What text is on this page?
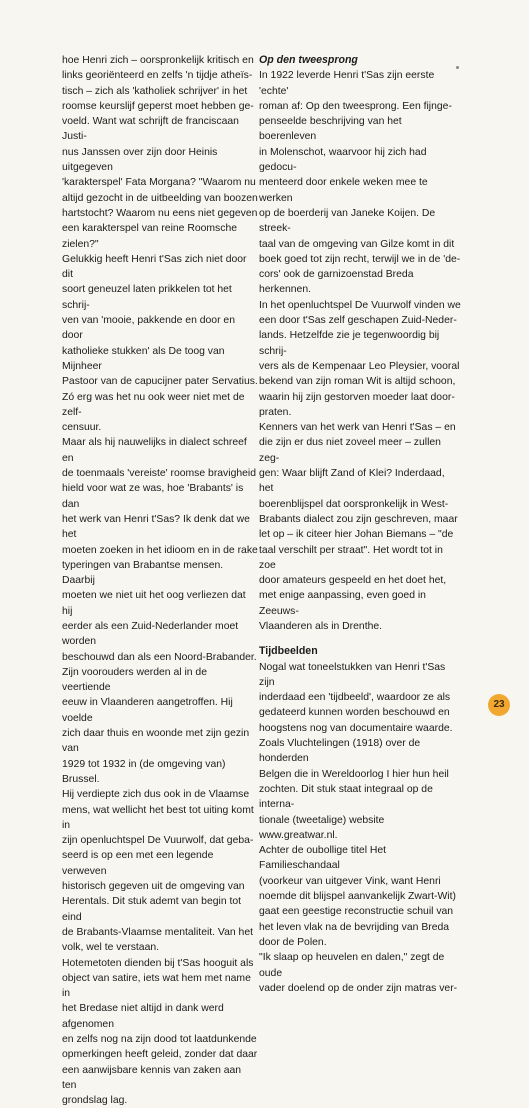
hoe Henri zich – oorspronkelijk kritisch en

links georiënteerd en zelfs 'n tijdje atheïs-

tisch – zich als 'katholiek schrijver' in het

roomse keurslijf geperst moet hebben ge-

voeld. Want wat schrijft de franciscaan Justi-

nus Janssen over zijn door Heinis uitgegeven

'karakterspel' Fata Morgana? "Waarom nu

altijd gezocht in de uitbeelding van boozen

hartstocht? Waarom nu eens niet gegeven

een karakterspel van reine Roomsche zielen?"

Gelukkig heeft Henri t'Sas zich niet door dit

soort geneuzel laten prikkelen tot het schrij-

ven van 'mooie, pakkende en door en door

katholieke stukken' als De toog van Mijnheer

Pastoor van de capucijner pater Servatius.

Zó erg was het nu ook weer niet met de zelf-

censuur.

Maar als hij nauwelijks in dialect schreef en

de toenmaals 'vereiste' roomse bravigheid

hield voor wat ze was, hoe 'Brabants' is dan

het werk van Henri t'Sas? Ik denk dat we het

moeten zoeken in het idioom en in de rake

typeringen van Brabantse mensen. Daarbij

moeten we niet uit het oog verliezen dat hij

eerder als een Zuid-Nederlander moet worden

beschouwd dan als een Noord-Brabander.

Zijn voorouders werden al in de veertiende

eeuw in Vlaanderen aangetroffen. Hij voelde

zich daar thuis en woonde met zijn gezin van

1929 tot 1932 in (de omgeving van) Brussel.

Hij verdiepte zich dus ook in de Vlaamse

mens, wat wellicht het best tot uiting komt in

zijn openluchtspel De Vuurwolf, dat geba-

seerd is op een met een legende verweven

historisch gegeven uit de omgeving van

Herentals. Dit stuk ademt van begin tot eind

de Brabants-Vlaamse mentaliteit. Van het

volk, wel te verstaan.

Hotemetoten dienden bij t'Sas hooguit als

object van satire, iets wat hem met name in

het Bredase niet altijd in dank werd afgenomen

en zelfs nog na zijn dood tot laatdunkende

opmerkingen heeft geleid, zonder dat daar

een aanwijsbare kennis van zaken aan ten

grondslag lag.

Op den tweesprong

In 1922 leverde Henri t'Sas zijn eerste 'echte'

roman af: Op den tweesprong. Een fijnge-

penseelde beschrijving van het boerenleven

in Molenschot, waarvoor hij zich had gedocu-

menteerd door enkele weken mee te werken

op de boerderij van Janeke Koijen. De streek-

taal van de omgeving van Gilze komt in dit

boek goed tot zijn recht, terwijl we in de 'de-

cors' ook de garnizoenstad Breda herkennen.

In het openluchtspel De Vuurwolf vinden we

een door t'Sas zelf geschapen Zuid-Neder-

lands. Hetzelfde zie je tegenwoordig bij schrij-

vers als de Kempenaar Leo Pleysier, vooral

bekend van zijn roman Wit is altijd schoon,

waarin hij zijn gestorven moeder laat door-

praten.

Kenners van het werk van Henri t'Sas – en

die zijn er dus niet zoveel meer – zullen zeg-

gen: Waar blijft Zand of Klei? Inderdaad, het

boerenblijspel dat oorspronkelijk in West-

Brabants dialect zou zijn geschreven, maar

let op – ik citeer hier Johan Biemans – "de

taal verschilt per straat". Het wordt tot in zoe

door amateurs gespeeld en het doet het,

met enige aanpassing, even goed in Zeeuws-

Vlaanderen als in Drenthe.

Tijdbeelden

Nogal wat toneelstukken van Henri t'Sas zijn

inderdaad een 'tijdbeeld', waardoor ze als

gedateerd kunnen worden beschouwd en

hoogstens nog van documentaire waarde.

Zoals Vluchtelingen (1918) over de honderden

Belgen die in Wereldoorlog I hier hun heil

zochten. Dit stuk staat integraal op de interna-

tionale (tweetalige) website www.greatwar.nl.

Achter de oubollige titel Het Familieschandaal

(voorkeur van uitgever Vink, want Henri

noemde dit blijspel aanvankelijk Zwart-Wit)

gaat een geestige reconstructie schuil van

het leven vlak na de bevrijding van Breda

door de Polen.

"Ik slaap op heuvelen en dalen," zegt de oude

vader doelend op de onder zijn matras ver-

23
